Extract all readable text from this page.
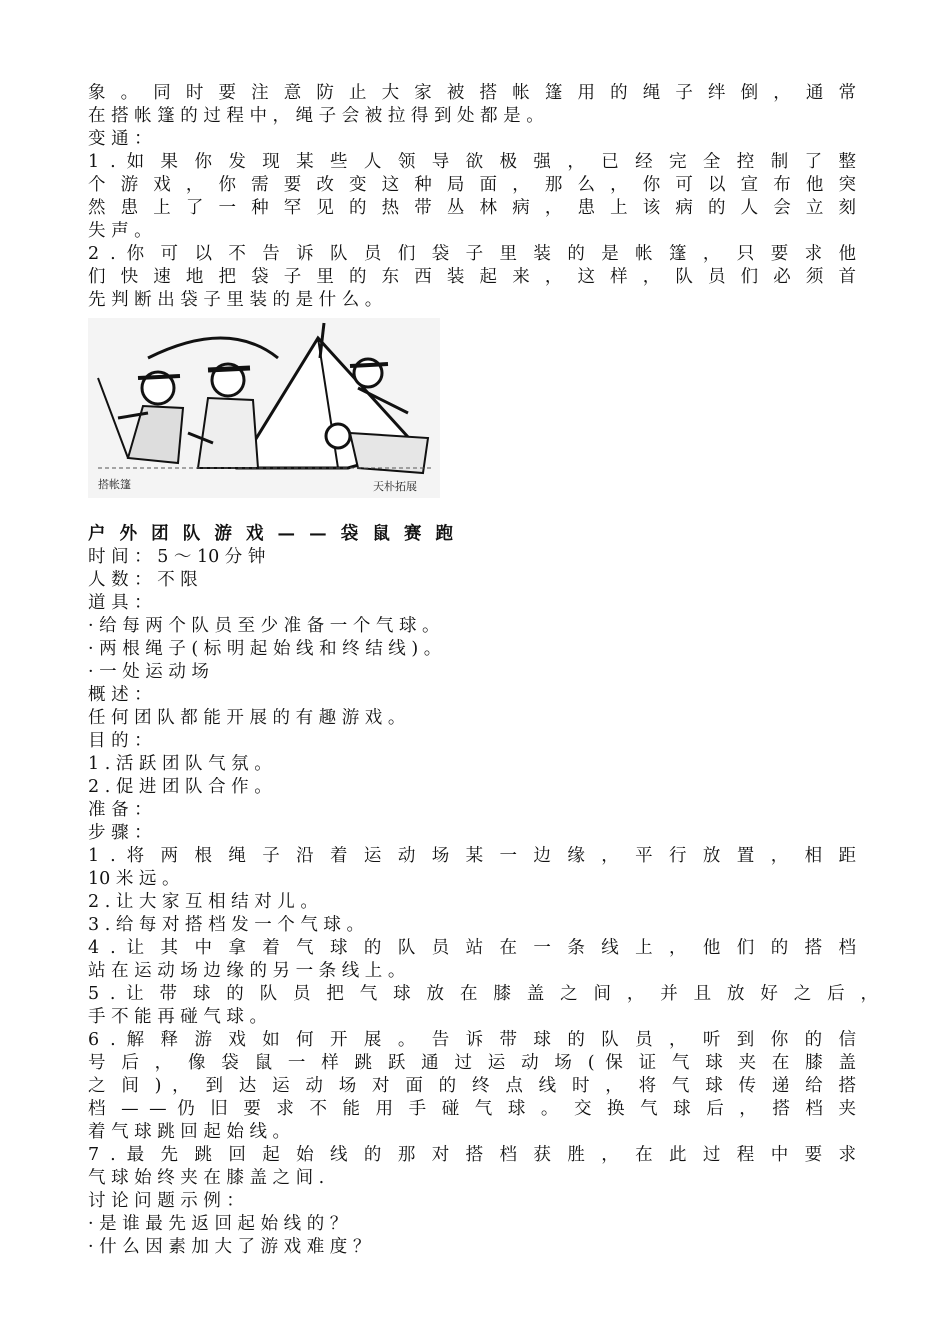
象 。 同 时 要 注 意 防 止 大 家 被 搭 帐 篷 用 的 绳 子 绊 倒 ， 通 常
在 搭 帐 篷 的 过 程 中 ， 绳 子 会 被 拉 得 到 处 都 是 。
变 通 ：
1 . 如 果 你 发 现 某 些 人 领 导 欲 极 强 ， 已 经 完 全 控 制 了 整
个 游 戏 ， 你 需 要 改 变 这 种 局 面 ， 那 么 ， 你 可 以 宣 布 他 突
然 患 上 了 一 种 罕 见 的 热 带 丛 林 病 ， 患 上 该 病 的 人 会 立 刻
失 声 。
2 . 你 可 以 不 告 诉 队 员 们 袋 子 里 装 的 是 帐 篷 ， 只 要 求 他
们 快 速 地 把 袋 子 里 的 东 西 装 起 来 ， 这 样 ， 队 员 们 必 须 首
先 判 断 出 袋 子 里 装 的 是 什 么 。
搭帐篷	天朴拓展
户 外 团 队 游 戏 — — 袋 鼠 赛 跑
时 间 ： 5 ～ 10 分 钟
人 数 ： 不 限
道 具 ：
· 给 每 两 个 队 员 至 少 准 备 一 个 气 球 。
· 两 根 绳 子 ( 标 明 起 始 线 和 终 结 线 ) 。
· 一 处 运 动 场
概 述 ：
任 何 团 队 都 能 开 展 的 有 趣 游 戏 。
目 的 ：
1 . 活 跃 团 队 气 氛 。
2 . 促 进 团 队 合 作 。
准 备 ：
步 骤 ：
1 . 将 两 根 绳 子 沿 着 运 动 场 某 一 边 缘 ， 平 行 放 置 ， 相 距
10 米 远 。
2 . 让 大 家 互 相 结 对 儿 。
3 . 给 每 对 搭 档 发 一 个 气 球 。
4 . 让 其 中 拿 着 气 球 的 队 员 站 在 一 条 线 上 ， 他 们 的 搭 档
站 在 运 动 场 边 缘 的 另 一 条 线 上 。
5 . 让 带 球 的 队 员 把 气 球 放 在 膝 盖 之 间 ， 并 且 放 好 之 后 ，
手 不 能 再 碰 气 球 。
6 . 解 释 游 戏 如 何 开 展 。 告 诉 带 球 的 队 员 ， 听 到 你 的 信
号 后 ， 像 袋 鼠 一 样 跳 跃 通 过 运 动 场 ( 保 证 气 球 夹 在 膝 盖
之 间 ) ， 到 达 运 动 场 对 面 的 终 点 线 时 ， 将 气 球 传 递 给 搭
档 — — 仍 旧 要 求 不 能 用 手 碰 气 球 。 交 换 气 球 后 ， 搭 档 夹
着 气 球 跳 回 起 始 线 。
7 . 最 先 跳 回 起 始 线 的 那 对 搭 档 获 胜 ， 在 此 过 程 中 要 求
气 球 始 终 夹 在 膝 盖 之 间 .
讨 论 问 题 示 例 ：
· 是 谁 最 先 返 回 起 始 线 的 ？
· 什 么 因 素 加 大 了 游 戏 难 度 ？
